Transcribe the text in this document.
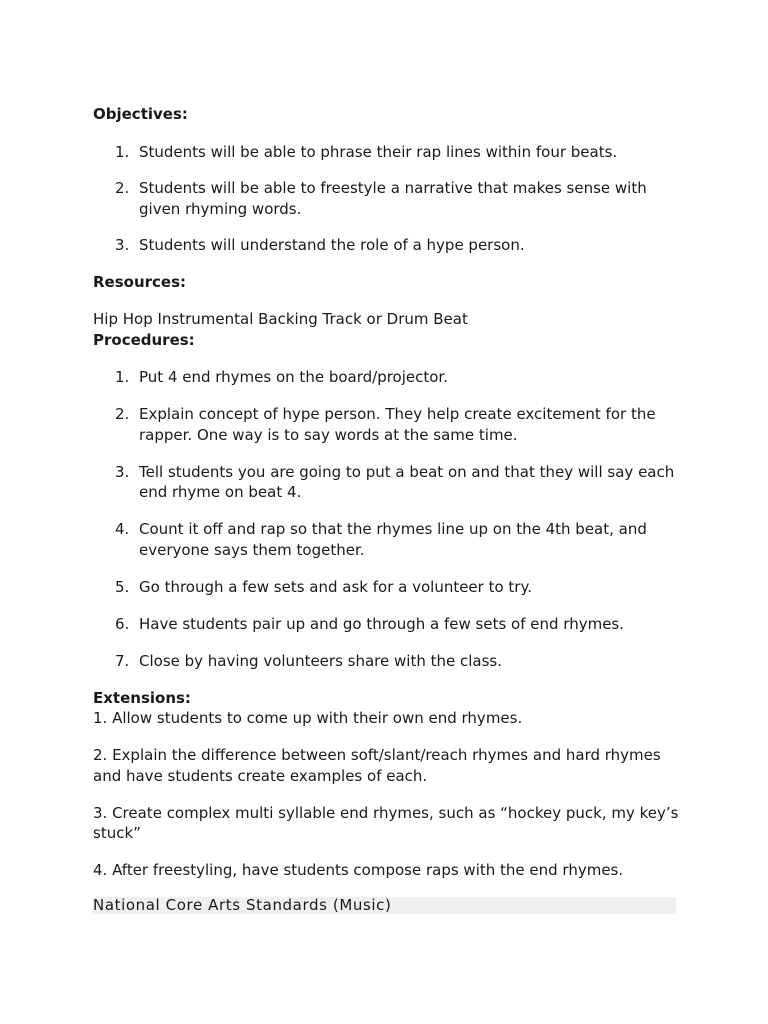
Objectives:

1. Students will be able to phrase their rap lines within four beats.
2. Students will be able to freestyle a narrative that makes sense with given rhyming words.
3. Students will understand the role of a hype person.

Resources:

Hip Hop Instrumental Backing Track or Drum Beat

Procedures:

1. Put 4 end rhymes on the board/projector.
2. Explain concept of hype person. They help create excitement for the rapper. One way is to say words at the same time.
3. Tell students you are going to put a beat on and that they will say each end rhyme on beat 4.
4. Count it off and rap so that the rhymes line up on the 4th beat, and everyone says them together.
5. Go through a few sets and ask for a volunteer to try.
6. Have students pair up and go through a few sets of end rhymes.
7. Close by having volunteers share with the class.

Extensions:

1. Allow students to come up with their own end rhymes.

2. Explain the difference between soft/slant/reach rhymes and hard rhymes and have students create examples of each.

3. Create complex multi syllable end rhymes, such as “hockey puck, my key’s stuck”

4. After freestyling, have students compose raps with the end rhymes.

National Core Arts Standards (Music)
